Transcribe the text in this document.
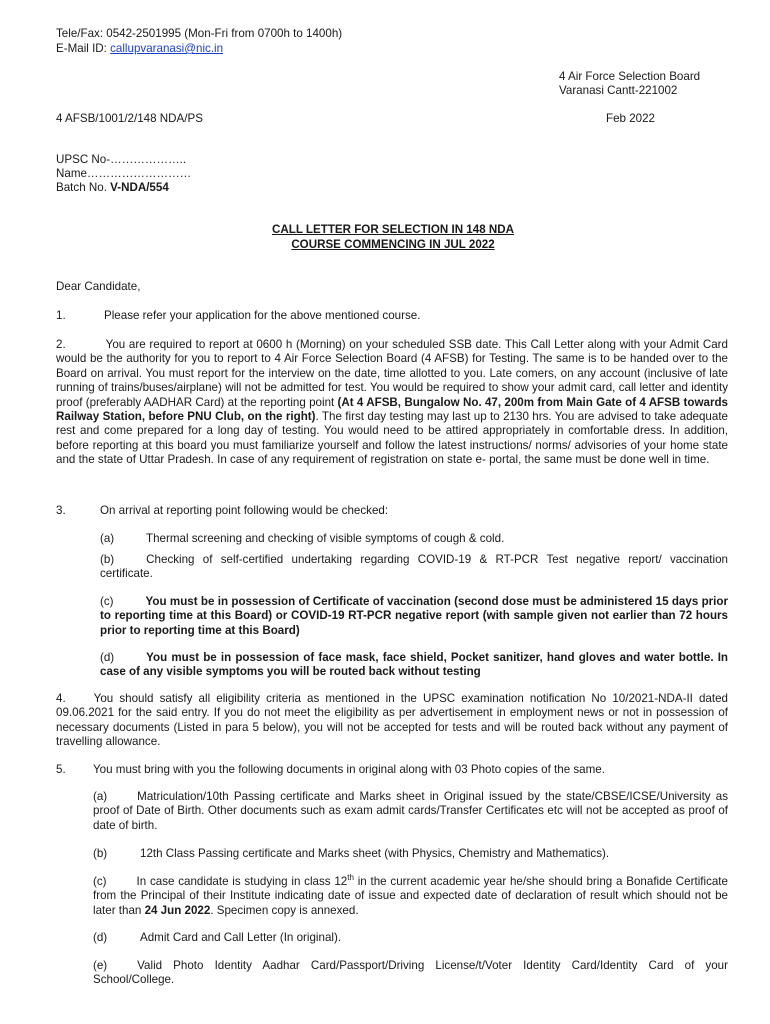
Tele/Fax: 0542-2501995 (Mon-Fri from 0700h to 1400h)
E-Mail ID: callupvaranasi@nic.in
4 Air Force Selection Board
Varanasi Cantt-221002
4 AFSB/1001/2/148 NDA/PS	Feb 2022
UPSC No-………………..
Name………………………
Batch No. V-NDA/554
CALL LETTER FOR SELECTION IN 148 NDA
COURSE COMMENCING IN JUL 2022
Dear Candidate,
1.	Please refer your application for the above mentioned course.
2.	You are required to report at 0600 h (Morning) on your scheduled SSB date. This Call Letter along with your Admit Card would be the authority for you to report to 4 Air Force Selection Board (4 AFSB) for Testing. The same is to be handed over to the Board on arrival. You must report for the interview on the date, time allotted to you. Late comers, on any account (inclusive of late running of trains/buses/airplane) will not be admitted for test. You would be required to show your admit card, call letter and identity proof (preferably AADHAR Card) at the reporting point (At 4 AFSB, Bungalow No. 47, 200m from Main Gate of 4 AFSB towards Railway Station, before PNU Club, on the right). The first day testing may last up to 2130 hrs. You are advised to take adequate rest and come prepared for a long day of testing. You would need to be attired appropriately in comfortable dress. In addition, before reporting at this board you must familiarize yourself and follow the latest instructions/ norms/ advisories of your home state and the state of Uttar Pradesh. In case of any requirement of registration on state e- portal, the same must be done well in time.
3.	On arrival at reporting point following would be checked:
(a)	Thermal screening and checking of visible symptoms of cough & cold.
(b)	Checking of self-certified undertaking regarding COVID-19 & RT-PCR Test negative report/ vaccination certificate.
(c)	You must be in possession of Certificate of vaccination (second dose must be administered 15 days prior to reporting time at this Board) or COVID-19 RT-PCR negative report (with sample given not earlier than 72 hours prior to reporting time at this Board)
(d)	You must be in possession of face mask, face shield, Pocket sanitizer, hand gloves and water bottle. In case of any visible symptoms you will be routed back without testing
4. You should satisfy all eligibility criteria as mentioned in the UPSC examination notification No 10/2021-NDA-II dated 09.06.2021 for the said entry. If you do not meet the eligibility as per advertisement in employment news or not in possession of necessary documents (Listed in para 5 below), you will not be accepted for tests and will be routed back without any payment of travelling allowance.
5. You must bring with you the following documents in original along with 03 Photo copies of the same.
(a)	Matriculation/10th Passing certificate and Marks sheet in Original issued by the state/CBSE/ICSE/University as proof of Date of Birth. Other documents such as exam admit cards/Transfer Certificates etc will not be accepted as proof of date of birth.
(b)	12th Class Passing certificate and Marks sheet (with Physics, Chemistry and Mathematics).
(c)	In case candidate is studying in class 12th in the current academic year he/she should bring a Bonafide Certificate from the Principal of their Institute indicating date of issue and expected date of declaration of result which should not be later than 24 Jun 2022. Specimen copy is annexed.
(d)	Admit Card and Call Letter (In original).
(e)	Valid Photo Identity Aadhar Card/Passport/Driving License/t/Voter Identity Card/Identity Card of your School/College.
